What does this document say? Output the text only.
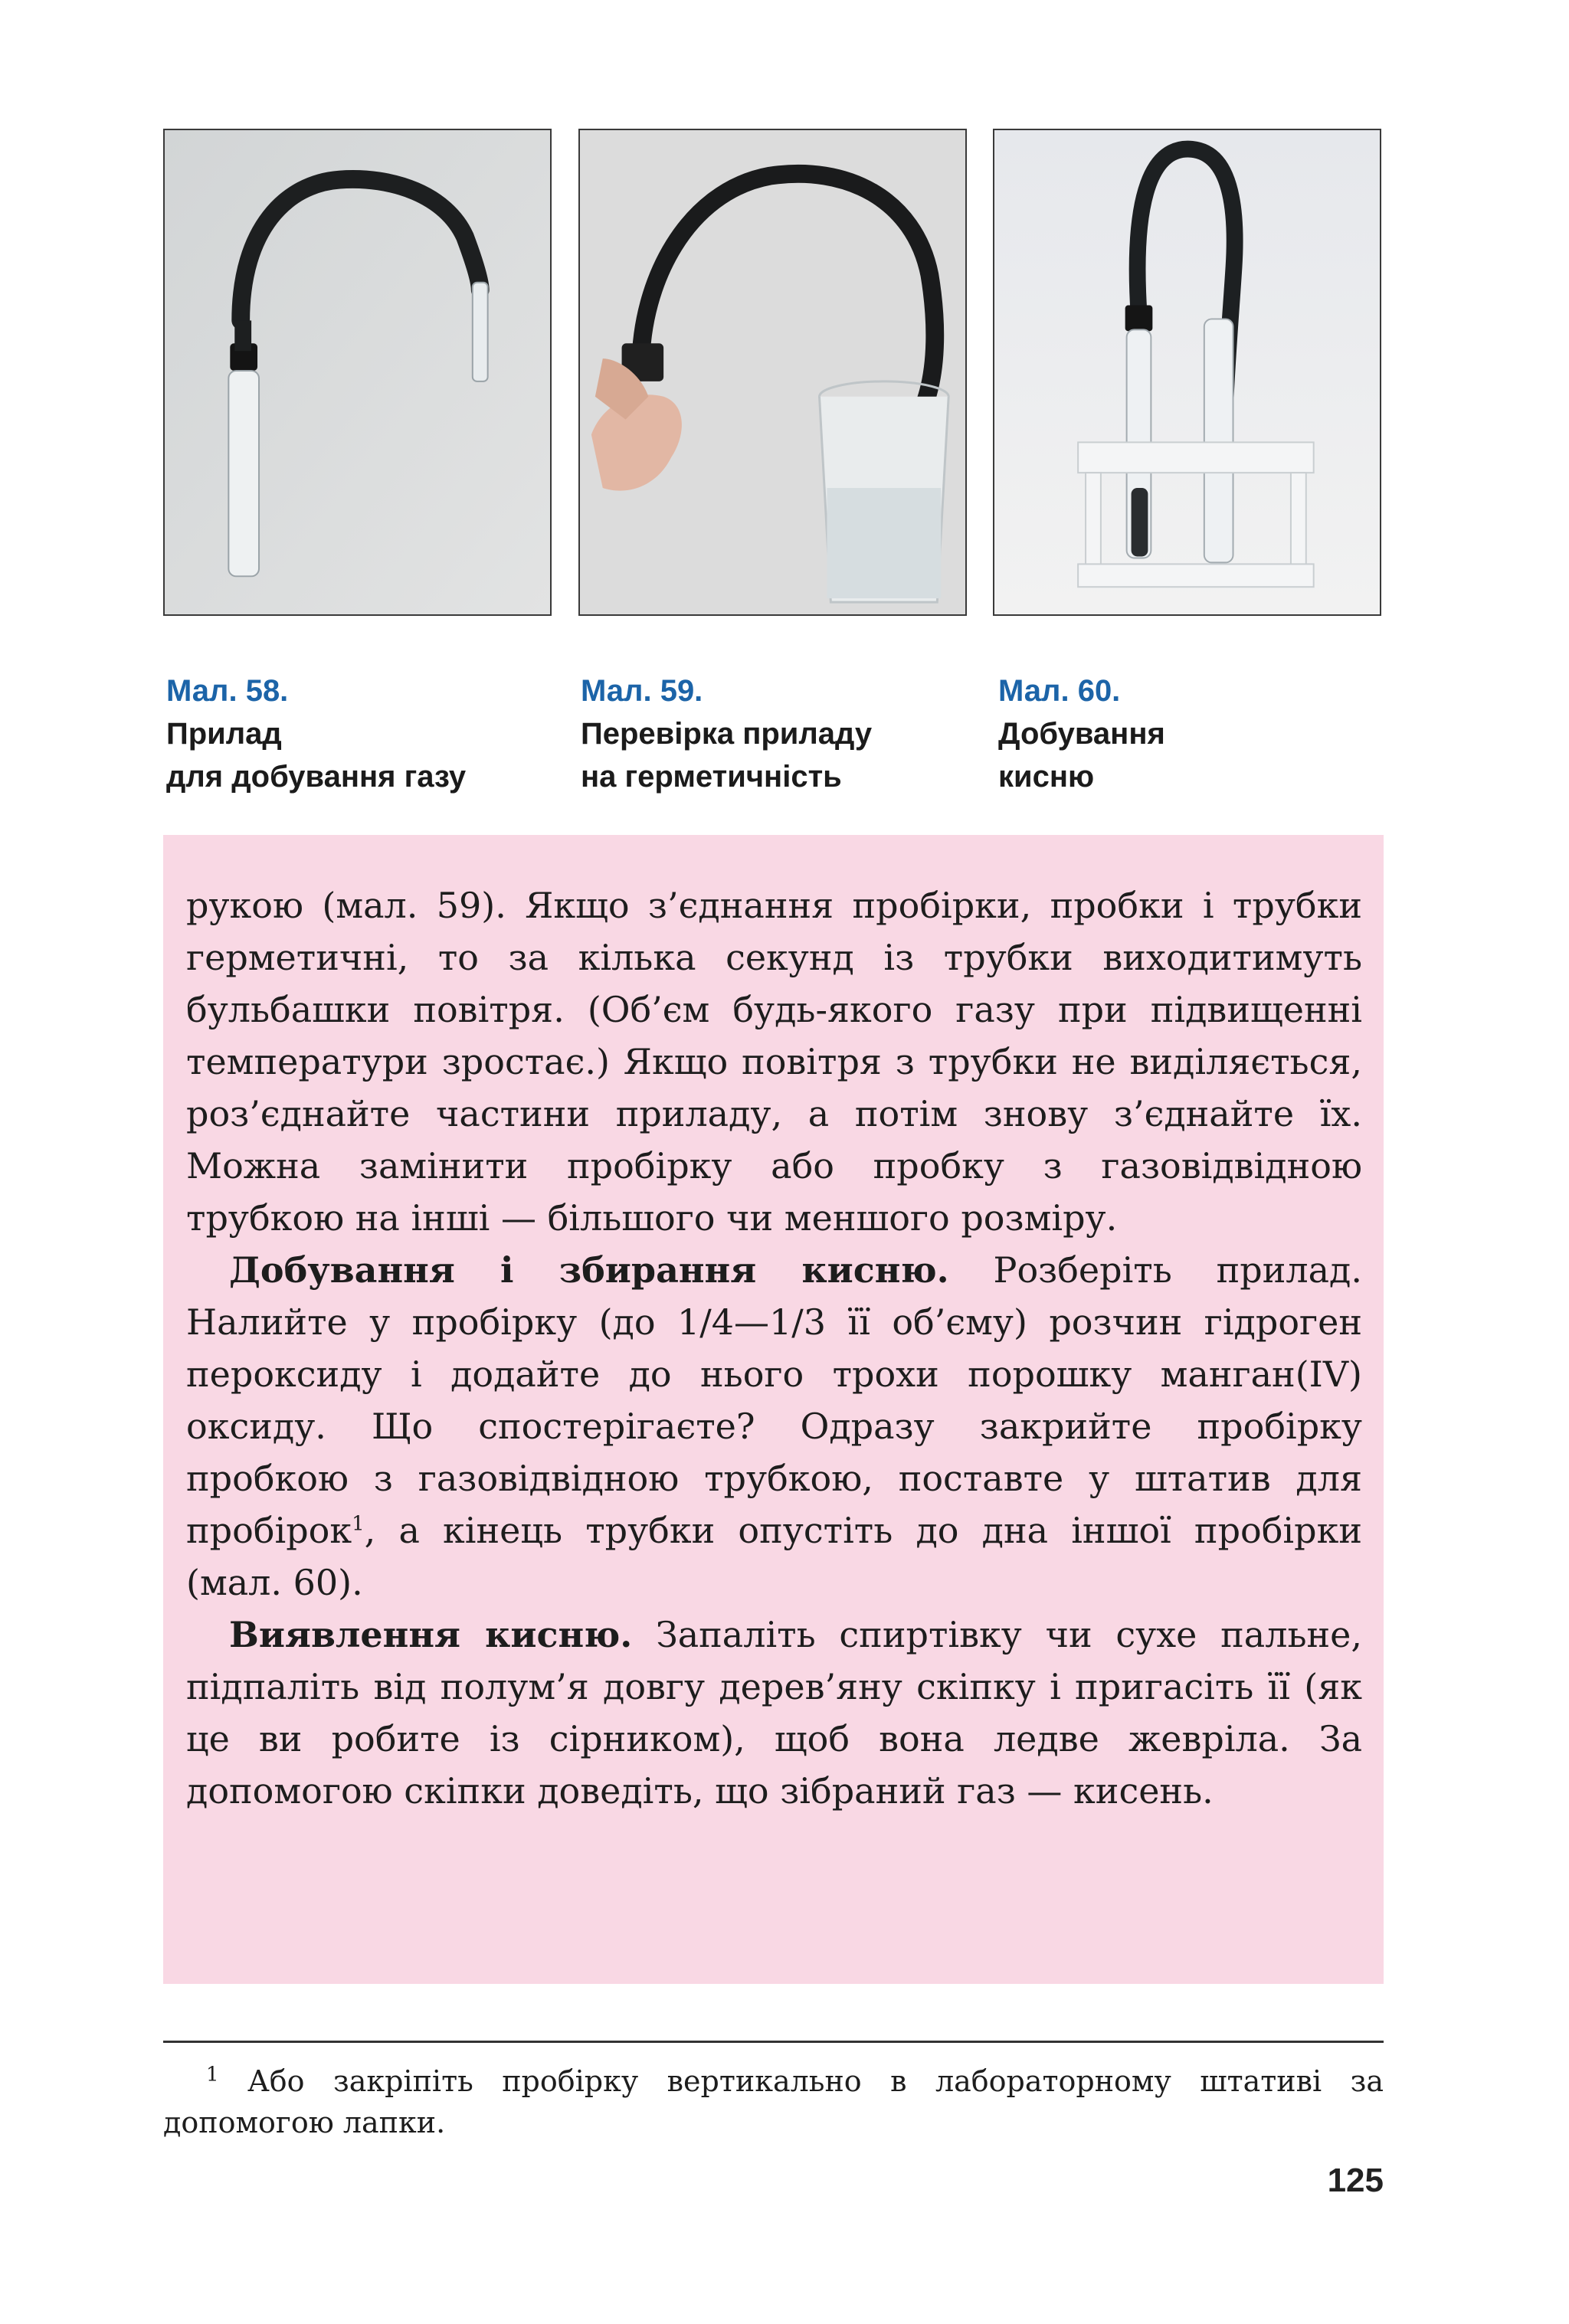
Мал. 58.
Прилад
для добування газу
Мал. 59.
Перевірка приладу
на герметичність
Мал. 60.
Добування
кисню
рукою (мал. 59). Якщо з’єднання пробірки, пробки і трубки герметичні, то за кілька секунд із трубки виходитимуть бульбашки повітря. (Об’єм будь-якого газу при підвищенні температури зростає.) Якщо повітря з трубки не виділяється, роз’єднайте частини приладу, а потім знову з’єднайте їх. Можна замінити пробірку або пробку з газовідвідною трубкою на інші — більшого чи меншого розміру.
Добування і збирання кисню. Розберіть прилад. Налийте у пробірку (до 1/4—1/3 її об’єму) розчин гідроген пероксиду і додайте до нього трохи порошку манган(IV) оксиду. Що спостерігаєте? Одразу закрийте пробірку пробкою з газовідвідною трубкою, поставте у штатив для пробірок$^1$, а кінець трубки опустіть до дна іншої пробірки (мал. 60).
Виявлення кисню. Запаліть спиртівку чи сухе пальне, підпаліть від полум’я довгу дерев’яну скіпку і пригасіть її (як це ви робите із сірником), щоб вона ледве жевріла. За допомогою скіпки доведіть, що зібраний газ — кисень.
$^1$ Або закріпіть пробірку вертикально в лабораторному штативі за допомогою лапки.
125
